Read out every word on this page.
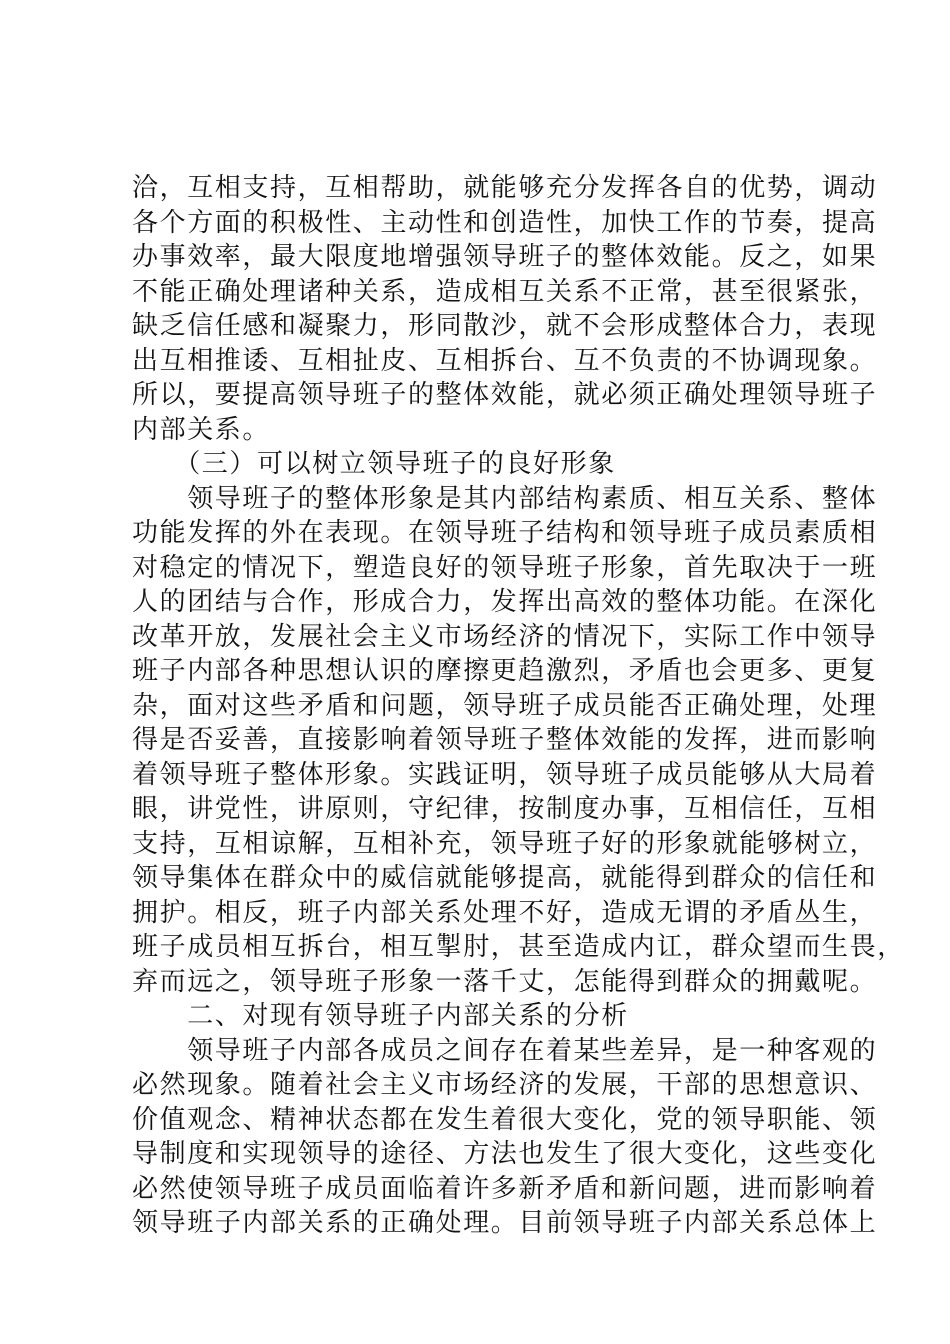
洽，互相支持，互相帮助，就能够充分发挥各自的优势，调动
各个方面的积极性、主动性和创造性，加快工作的节奏，提高
办事效率，最大限度地增强领导班子的整体效能。反之，如果
不能正确处理诸种关系，造成相互关系不正常，甚至很紧张，
缺乏信任感和凝聚力，形同散沙，就不会形成整体合力，表现
出互相推诿、互相扯皮、互相拆台、互不负责的不协调现象。
所以，要提高领导班子的整体效能，就必须正确处理领导班子
内部关系。
　　（三）可以树立领导班子的良好形象
　　领导班子的整体形象是其内部结构素质、相互关系、整体
功能发挥的外在表现。在领导班子结构和领导班子成员素质相
对稳定的情况下，塑造良好的领导班子形象，首先取决于一班
人的团结与合作，形成合力，发挥出高效的整体功能。在深化
改革开放，发展社会主义市场经济的情况下，实际工作中领导
班子内部各种思想认识的摩擦更趋激烈，矛盾也会更多、更复
杂，面对这些矛盾和问题，领导班子成员能否正确处理，处理
得是否妥善，直接影响着领导班子整体效能的发挥，进而影响
着领导班子整体形象。实践证明，领导班子成员能够从大局着
眼，讲党性，讲原则，守纪律，按制度办事，互相信任，互相
支持，互相谅解，互相补充，领导班子好的形象就能够树立，
领导集体在群众中的威信就能够提高，就能得到群众的信任和
拥护。相反，班子内部关系处理不好，造成无谓的矛盾丛生，
班子成员相互拆台，相互掣肘，甚至造成内讧，群众望而生畏，
弃而远之，领导班子形象一落千丈，怎能得到群众的拥戴呢。
　　二、对现有领导班子内部关系的分析
　　领导班子内部各成员之间存在着某些差异，是一种客观的
必然现象。随着社会主义市场经济的发展，干部的思想意识、
价值观念、精神状态都在发生着很大变化，党的领导职能、领
导制度和实现领导的途径、方法也发生了很大变化，这些变化
必然使领导班子成员面临着许多新矛盾和新问题，进而影响着
领导班子内部关系的正确处理。目前领导班子内部关系总体上
